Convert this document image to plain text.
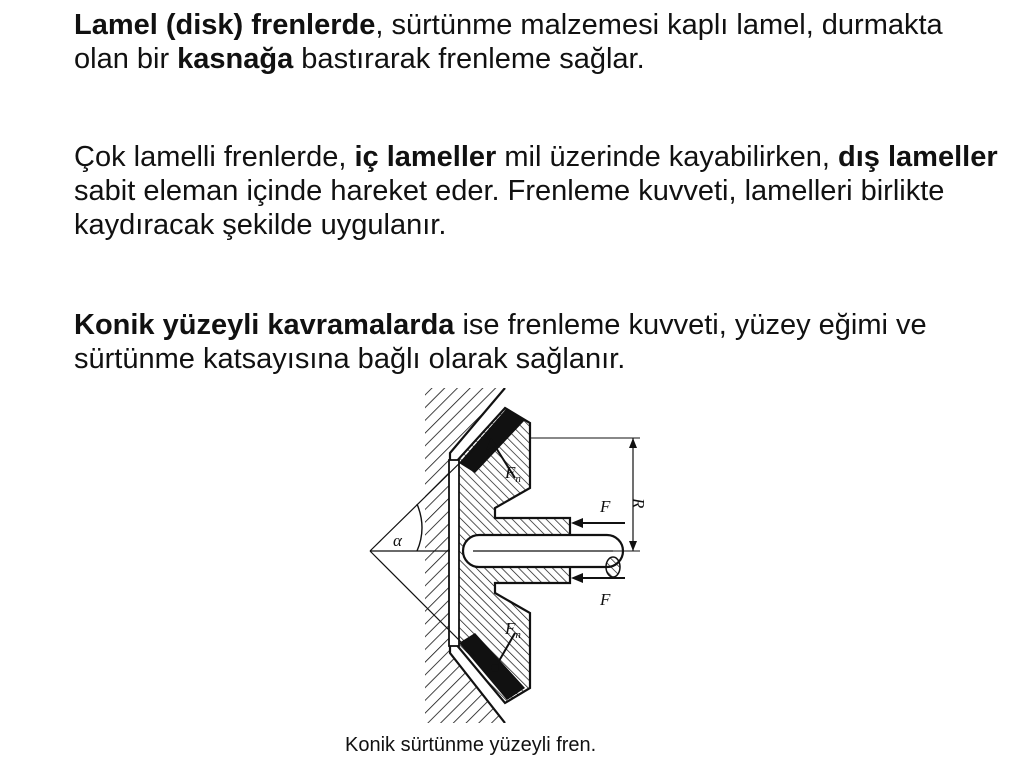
Lamel (disk) frenlerde, sürtünme malzemesi kaplı lamel, durmakta olan bir kasnağa bastırarak frenleme sağlar.

Çok lamelli frenlerde, iç lameller mil üzerinde kayabilirken, dış lameller sabit eleman içinde hareket eder. Frenleme kuvveti, lamelleri birlikte kaydıracak şekilde uygulanır.

Konik yüzeyli kavramalarda ise frenleme kuvveti, yüzey eğimi ve sürtünme katsayısına bağlı olarak sağlanır.

α
$F_n$
$F_n$
F
F
R
Konik sürtünme yüzeyli fren.
